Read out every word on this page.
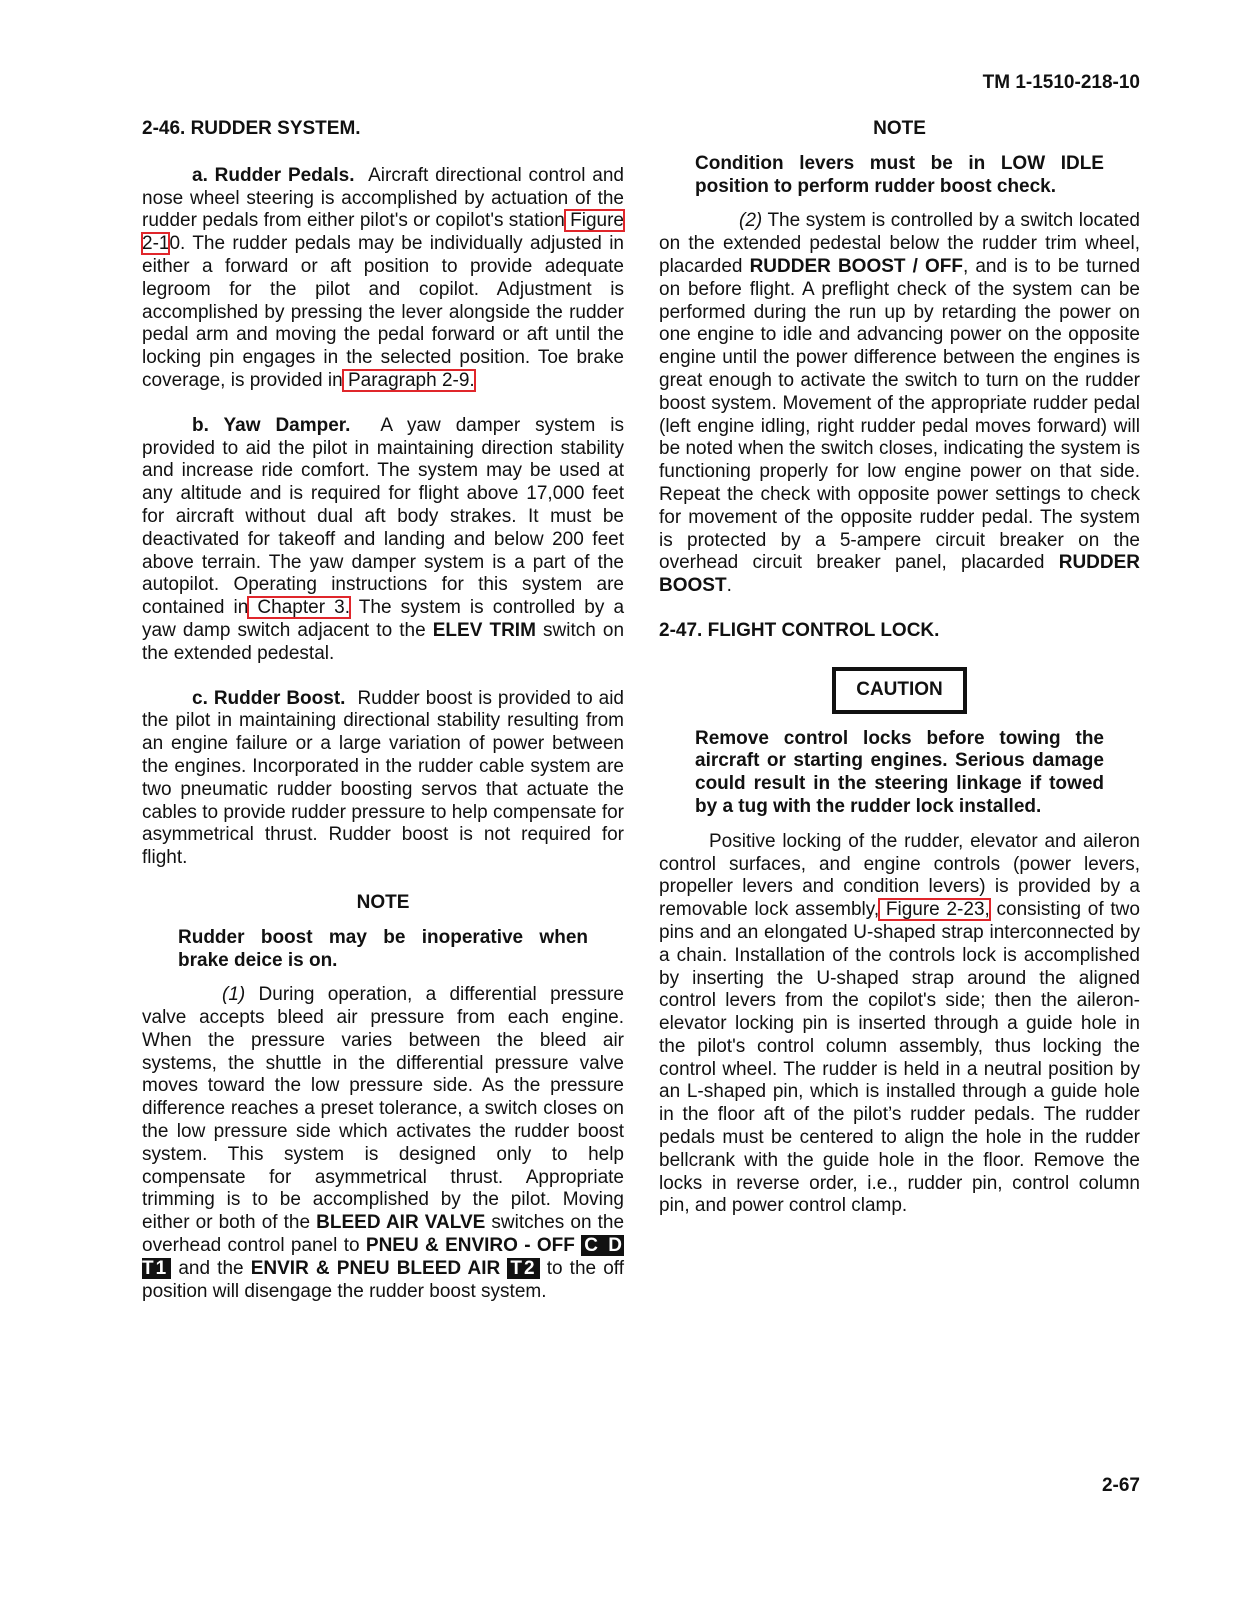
TM 1-1510-218-10
2-46. RUDDER SYSTEM.

a. Rudder Pedals. Aircraft directional control and nose wheel steering is accomplished by actuation of the rudder pedals from either pilot's or copilot's station Figure 2-10. The rudder pedals may be individually adjusted in either a forward or aft position to provide adequate legroom for the pilot and copilot. Adjustment is accomplished by pressing the lever alongside the rudder pedal arm and moving the pedal forward or aft until the locking pin engages in the selected position. Toe brake coverage, is provided in Paragraph 2-9.

b. Yaw Damper. A yaw damper system is provided to aid the pilot in maintaining direction stability and increase ride comfort. The system may be used at any altitude and is required for flight above 17,000 feet for aircraft without dual aft body strakes. It must be deactivated for takeoff and landing and below 200 feet above terrain. The yaw damper system is a part of the autopilot. Operating instructions for this system are contained in Chapter 3. The system is controlled by a yaw damp switch adjacent to the ELEV TRIM switch on the extended pedestal.

c. Rudder Boost. Rudder boost is provided to aid the pilot in maintaining directional stability resulting from an engine failure or a large variation of power between the engines. Incorporated in the rudder cable system are two pneumatic rudder boosting servos that actuate the cables to provide rudder pressure to help compensate for asymmetrical thrust. Rudder boost is not required for flight.

NOTE

Rudder boost may be inoperative when brake deice is on.

(1) During operation, a differential pressure valve accepts bleed air pressure from each engine. When the pressure varies between the bleed air systems, the shuttle in the differential pressure valve moves toward the low pressure side. As the pressure difference reaches a preset tolerance, a switch closes on the low pressure side which activates the rudder boost system. This system is designed only to help compensate for asymmetrical thrust. Appropriate trimming is to be accomplished by the pilot. Moving either or both of the BLEED AIR VALVE switches on the overhead control panel to PNEU & ENVIRO - OFF C D T1 and the ENVIR & PNEU BLEED AIR T2 to the off position will disengage the rudder boost system.

NOTE

Condition levers must be in LOW IDLE position to perform rudder boost check.

(2) The system is controlled by a switch located on the extended pedestal below the rudder trim wheel, placarded RUDDER BOOST / OFF, and is to be turned on before flight. A preflight check of the system can be performed during the run up by retarding the power on one engine to idle and advancing power on the opposite engine until the power difference between the engines is great enough to activate the switch to turn on the rudder boost system. Movement of the appropriate rudder pedal (left engine idling, right rudder pedal moves forward) will be noted when the switch closes, indicating the system is functioning properly for low engine power on that side. Repeat the check with opposite power settings to check for movement of the opposite rudder pedal. The system is protected by a 5-ampere circuit breaker on the overhead circuit breaker panel, placarded RUDDER BOOST.

2-47. FLIGHT CONTROL LOCK.
CAUTION

Remove control locks before towing the aircraft or starting engines. Serious damage could result in the steering linkage if towed by a tug with the rudder lock installed.

Positive locking of the rudder, elevator and aileron control surfaces, and engine controls (power levers, propeller levers and condition levers) is provided by a removable lock assembly, Figure 2-23, consisting of two pins and an elongated U-shaped strap interconnected by a chain. Installation of the controls lock is accomplished by inserting the U-shaped strap around the aligned control levers from the copilot's side; then the aileron-elevator locking pin is inserted through a guide hole in the pilot's control column assembly, thus locking the control wheel. The rudder is held in a neutral position by an L-shaped pin, which is installed through a guide hole in the floor aft of the pilot’s rudder pedals. The rudder pedals must be centered to align the hole in the rudder bellcrank with the guide hole in the floor. Remove the locks in reverse order, i.e., rudder pin, control column pin, and power control clamp.

2-67
